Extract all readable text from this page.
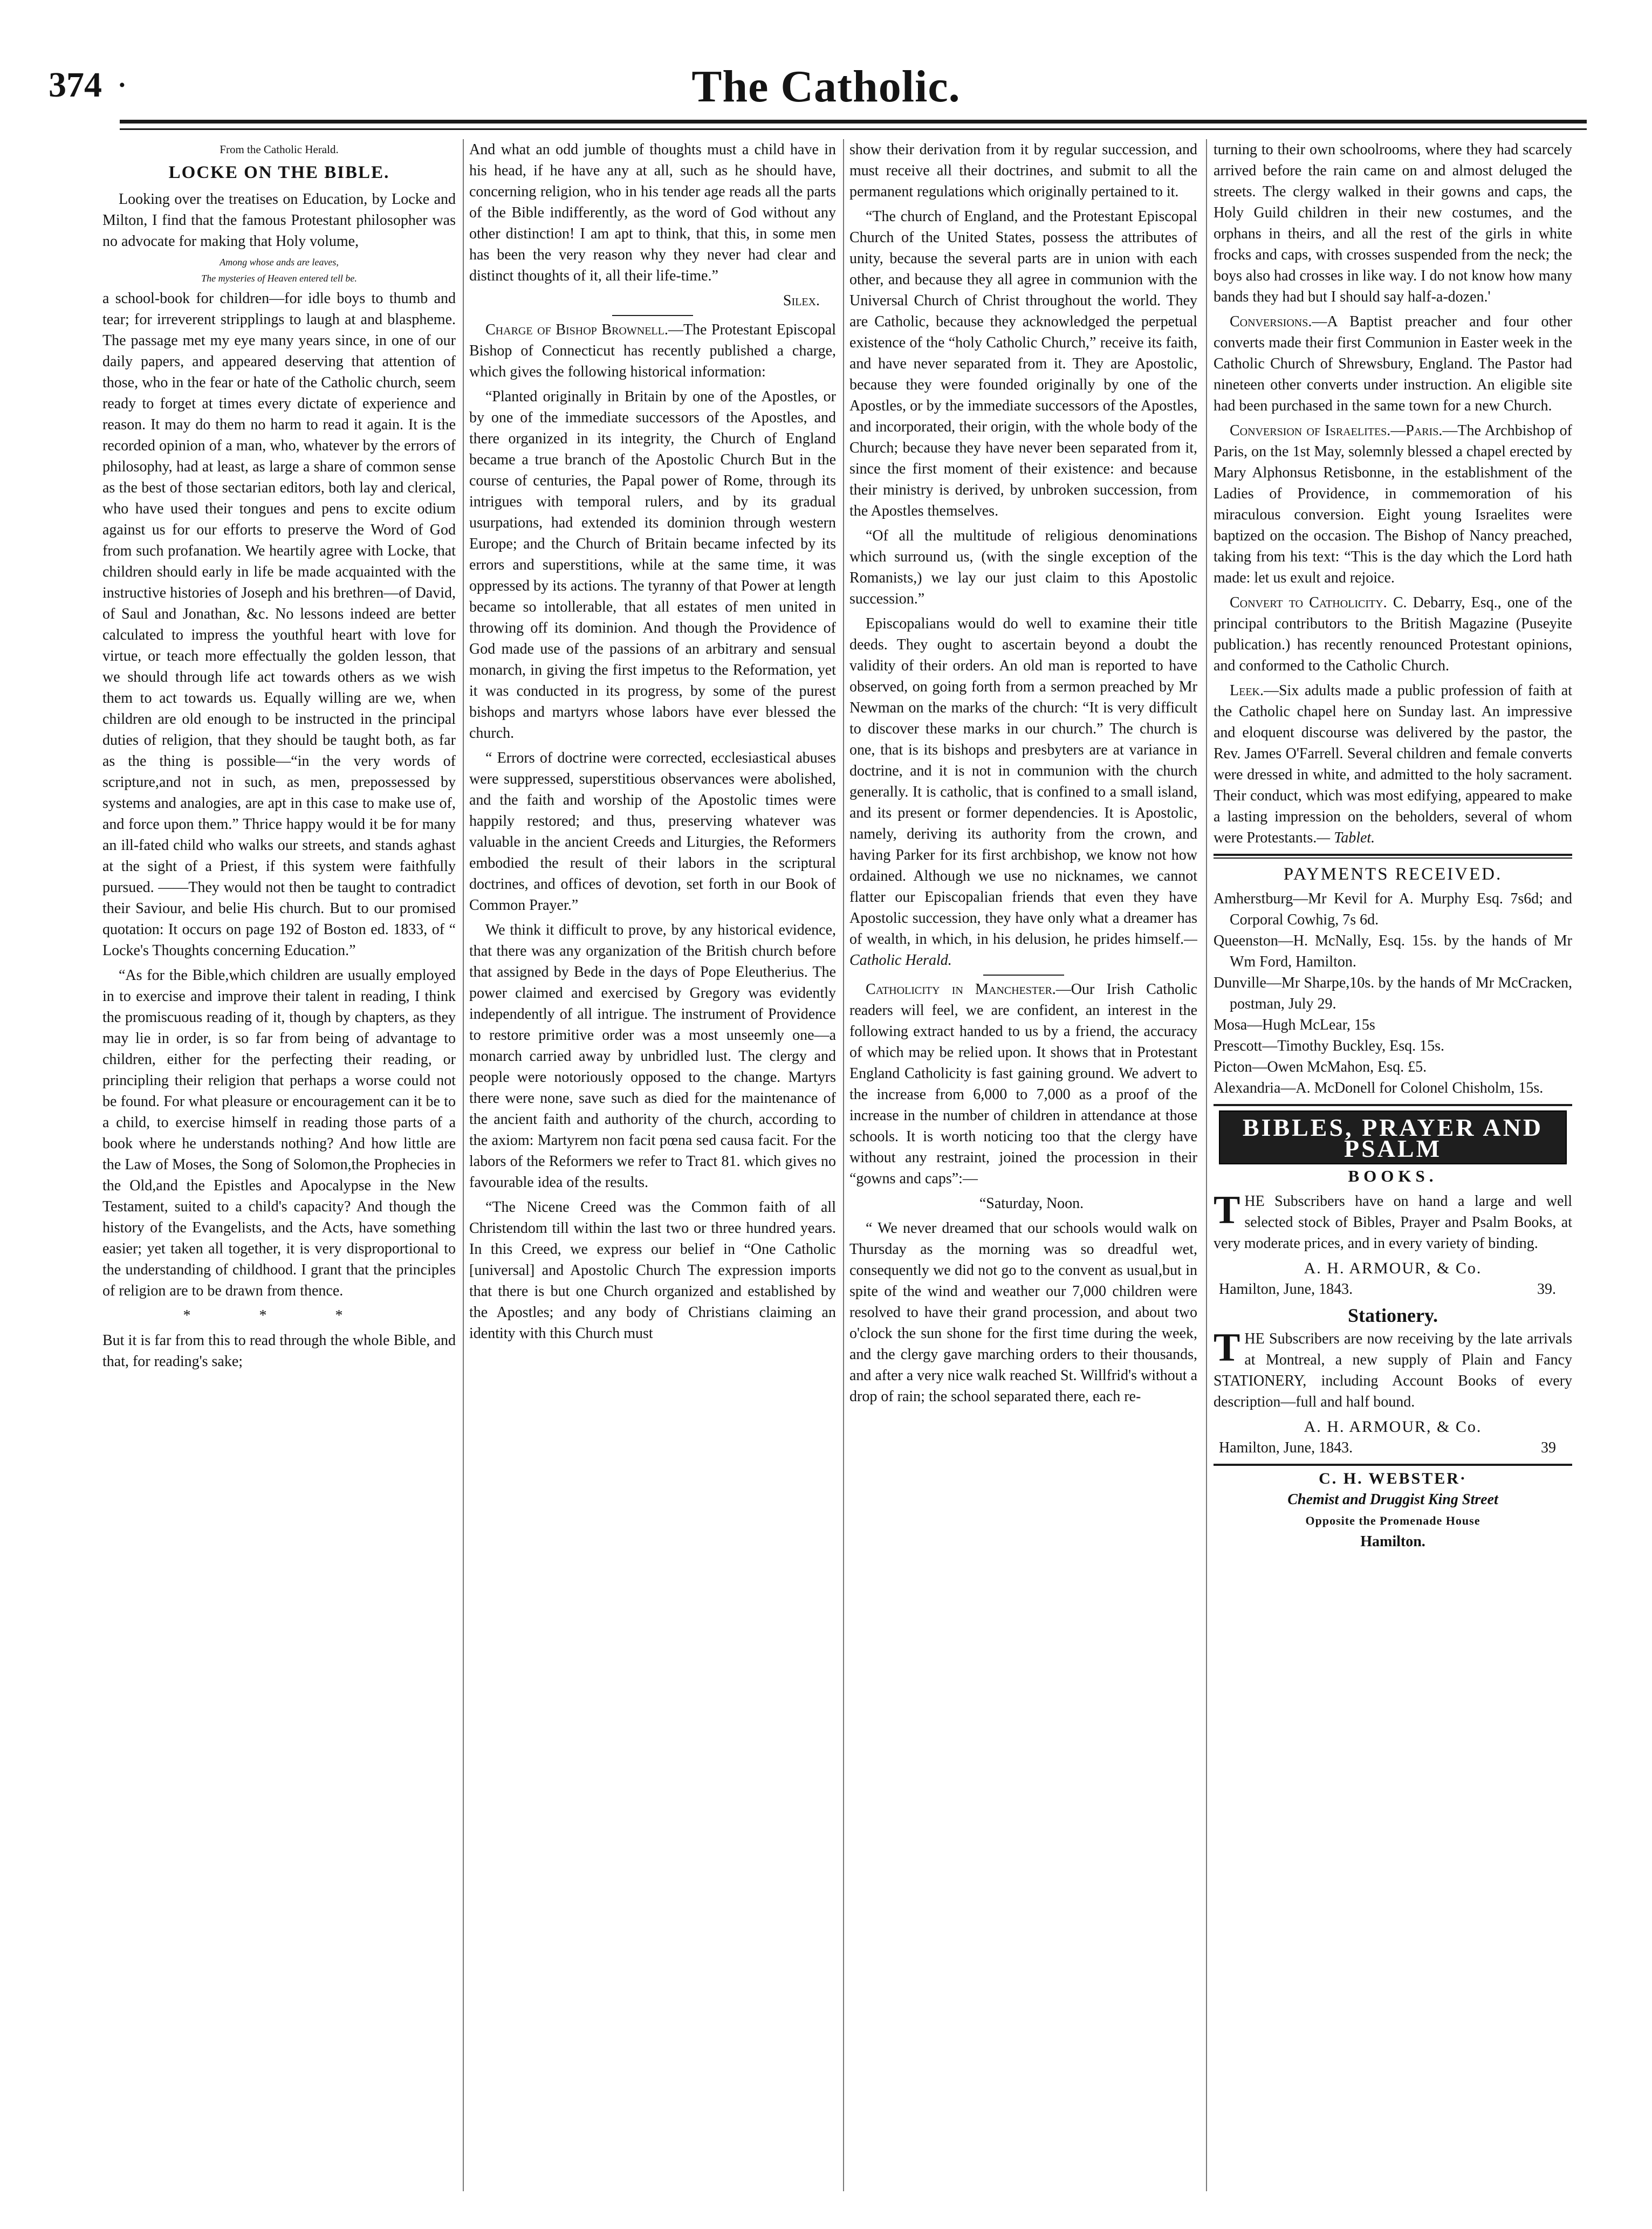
374 ·	The Catholic.

From the Catholic Herald.

LOCKE ON THE BIBLE.

Looking over the treatises on Education, by Locke and Milton, I find that the famous Protestant philosopher was no advocate for making that Holy volume,

Among whose ands are leaves,

The mysteries of Heaven entered tell be.

a school-book for children—for idle boys to thumb and tear; for irreverent stripplings to laugh at and blaspheme. The passage met my eye many years since, in one of our daily papers, and appeared deserving that attention of those, who in the fear or hate of the Catholic church, seem ready to forget at times every dictate of experience and reason. It may do them no harm to read it again. It is the recorded opinion of a man, who, whatever by the errors of philosophy, had at least, as large a share of common sense as the best of those sectarian editors, both lay and clerical, who have used their tongues and pens to excite odium against us for our efforts to preserve the Word of God from such profanation. We heartily agree with Locke, that children should early in life be made acquainted with the instructive histories of Joseph and his brethren—of David, of Saul and Jonathan, &c. No lessons indeed are better calculated to impress the youthful heart with love for virtue, or teach more effectually the golden lesson, that we should through life act towards others as we wish them to act towards us. Equally willing are we, when children are old enough to be instructed in the principal duties of religion, that they should be taught both, as far as the thing is possible—“in the very words of scripture,and not in such, as men, prepossessed by systems and analogies, are apt in this case to make use of, and force upon them.” Thrice happy would it be for many an ill-fated child who walks our streets, and stands aghast at the sight of a Priest, if this system were faithfully pursued. ——They would not then be taught to contradict their Saviour, and belie His church. But to our promised quotation: It occurs on page 192 of Boston ed. 1833, of “ Locke's Thoughts concerning Education.”

“As for the Bible,which children are usually employed in to exercise and improve their talent in reading, I think the promiscuous reading of it, though by chapters, as they may lie in order, is so far from being of advantage to children, either for the perfecting their reading, or principling their religion that perhaps a worse could not be found. For what pleasure or encouragement can it be to a child, to exercise himself in reading those parts of a book where he understands nothing? And how little are the Law of Moses, the Song of Solomon,the Prophecies in the Old,and the Epistles and Apocalypse in the New Testament, suited to a child's capacity? And though the history of the Evangelists, and the Acts, have something easier; yet taken all together, it is very disproportional to the understanding of childhood. I grant that the principles of religion are to be drawn from thence.

* * *

But it is far from this to read through the whole Bible, and that, for reading's sake;

And what an odd jumble of thoughts must a child have in his head, if he have any at all, such as he should have, concerning religion, who in his tender age reads all the parts of the Bible indifferently, as the word of God without any other distinction! I am apt to think, that this, in some men has been the very reason why they never had clear and distinct thoughts of it, all their life-time.”

Silex.

Charge of Bishop Brownell.—The Protestant Episcopal Bishop of Connecticut has recently published a charge, which gives the following historical information:

“Planted originally in Britain by one of the Apostles, or by one of the immediate successors of the Apostles, and there organized in its integrity, the Church of England became a true branch of the Apostolic Church But in the course of centuries, the Papal power of Rome, through its intrigues with temporal rulers, and by its gradual usurpations, had extended its dominion through western Europe; and the Church of Britain became infected by its errors and superstitions, while at the same time, it was oppressed by its actions. The tyranny of that Power at length became so intollerable, that all estates of men united in throwing off its dominion. And though the Providence of God made use of the passions of an arbitrary and sensual monarch, in giving the first impetus to the Reformation, yet it was conducted in its progress, by some of the purest bishops and martyrs whose labors have ever blessed the church.

“ Errors of doctrine were corrected, ecclesiastical abuses were suppressed, superstitious observances were abolished, and the faith and worship of the Apostolic times were happily restored; and thus, preserving whatever was valuable in the ancient Creeds and Liturgies, the Reformers embodied the result of their labors in the scriptural doctrines, and offices of devotion, set forth in our Book of Common Prayer.”

We think it difficult to prove, by any historical evidence, that there was any organization of the British church before that assigned by Bede in the days of Pope Eleutherius. The power claimed and exercised by Gregory was evidently independently of all intrigue. The instrument of Providence to restore primitive order was a most unseemly one—a monarch carried away by unbridled lust. The clergy and people were notoriously opposed to the change. Martyrs there were none, save such as died for the maintenance of the ancient faith and authority of the church, according to the axiom: Martyrem non facit pœna sed causa facit. For the labors of the Reformers we refer to Tract 81. which gives no favourable idea of the results.

“The Nicene Creed was the Common faith of all Christendom till within the last two or three hundred years. In this Creed, we express our belief in “One Catholic [universal] and Apostolic Church The expression imports that there is but one Church organized and established by the Apostles; and any body of Christians claiming an identity with this Church must

show their derivation from it by regular succession, and must receive all their doctrines, and submit to all the permanent regulations which originally pertained to it.

“The church of England, and the Protestant Episcopal Church of the United States, possess the attributes of unity, because the several parts are in union with each other, and because they all agree in communion with the Universal Church of Christ throughout the world. They are Catholic, because they acknowledged the perpetual existence of the “holy Catholic Church,” receive its faith, and have never separated from it. They are Apostolic, because they were founded originally by one of the Apostles, or by the immediate successors of the Apostles, and incorporated, their origin, with the whole body of the Church; because they have never been separated from it, since the first moment of their existence: and because their ministry is derived, by unbroken succession, from the Apostles themselves.

“Of all the multitude of religious denominations which surround us, (with the single exception of the Romanists,) we lay our just claim to this Apostolic succession.”

Episcopalians would do well to examine their title deeds. They ought to ascertain beyond a doubt the validity of their orders. An old man is reported to have observed, on going forth from a sermon preached by Mr Newman on the marks of the church: “It is very difficult to discover these marks in our church.” The church is one, that is its bishops and presbyters are at variance in doctrine, and it is not in communion with the church generally. It is catholic, that is confined to a small island, and its present or former dependencies. It is Apostolic, namely, deriving its authority from the crown, and having Parker for its first archbishop, we know not how ordained. Although we use no nicknames, we cannot flatter our Episcopalian friends that even they have Apostolic succession, they have only what a dreamer has of wealth, in which, in his delusion, he prides himself.—Catholic Herald.

Catholicity in Manchester.—Our Irish Catholic readers will feel, we are confident, an interest in the following extract handed to us by a friend, the accuracy of which may be relied upon. It shows that in Protestant England Catholicity is fast gaining ground. We advert to the increase from 6,000 to 7,000 as a proof of the increase in the number of children in attendance at those schools. It is worth noticing too that the clergy have without any restraint, joined the procession in their “gowns and caps”:—

“Saturday, Noon.

“ We never dreamed that our schools would walk on Thursday as the morning was so dreadful wet, consequently we did not go to the convent as usual,but in spite of the wind and weather our 7,000 children were resolved to have their grand procession, and about two o'clock the sun shone for the first time during the week, and the clergy gave marching orders to their thousands, and after a very nice walk reached St. Willfrid's without a drop of rain; the school separated there, each re-

turning to their own schoolrooms, where they had scarcely arrived before the rain came on and almost deluged the streets. The clergy walked in their gowns and caps, the Holy Guild children in their new costumes, and the orphans in theirs, and all the rest of the girls in white frocks and caps, with crosses suspended from the neck; the boys also had crosses in like way. I do not know how many bands they had but I should say half-a-dozen.'

Conversions.—A Baptist preacher and four other converts made their first Communion in Easter week in the Catholic Church of Shrewsbury, England. The Pastor had nineteen other converts under instruction. An eligible site had been purchased in the same town for a new Church.

Conversion of Israelites.—Paris.—The Archbishop of Paris, on the 1st May, solemnly blessed a chapel erected by Mary Alphonsus Retisbonne, in the establishment of the Ladies of Providence, in commemoration of his miraculous conversion. Eight young Israelites were baptized on the occasion. The Bishop of Nancy preached, taking from his text: “This is the day which the Lord hath made: let us exult and rejoice.

Convert to Catholicity. C. Debarry, Esq., one of the principal contributors to the British Magazine (Puseyite publication.) has recently renounced Protestant opinions, and conformed to the Catholic Church.

Leek.—Six adults made a public profession of faith at the Catholic chapel here on Sunday last. An impressive and eloquent discourse was delivered by the pastor, the Rev. James O'Farrell. Several children and female converts were dressed in white, and admitted to the holy sacrament. Their conduct, which was most edifying, appeared to make a lasting impression on the beholders, several of whom were Protestants.— Tablet.

PAYMENTS RECEIVED.

Amherstburg—Mr Kevil for A. Murphy Esq. 7s6d; and Corporal Cowhig, 7s 6d.

Queenston—H. McNally, Esq. 15s. by the hands of Mr Wm Ford, Hamilton.

Dunville—Mr Sharpe,10s. by the hands of Mr McCracken, postman, July 29.

Mosa—Hugh McLear, 15s

Prescott—Timothy Buckley, Esq. 15s.

Picton—Owen McMahon, Esq. £5.

Alexandria—A. McDonell for Colonel Chisholm, 15s.

BIBLES, PRAYER AND PSALM

BOOKS.

THE Subscribers have on hand a large and well selected stock of Bibles, Prayer and Psalm Books, at very moderate prices, and in every variety of binding.

A. H. ARMOUR, & Co.

Hamilton, June, 1843.	39.

Stationery.

THE Subscribers are now receiving by the late arrivals at Montreal, a new supply of Plain and Fancy STATIONERY, including Account Books of every description—full and half bound.

A. H. ARMOUR, & Co.

Hamilton, June, 1843.	39

C. H. WEBSTER·

Chemist and Druggist King Street

Opposite the Promenade House

Hamilton.
